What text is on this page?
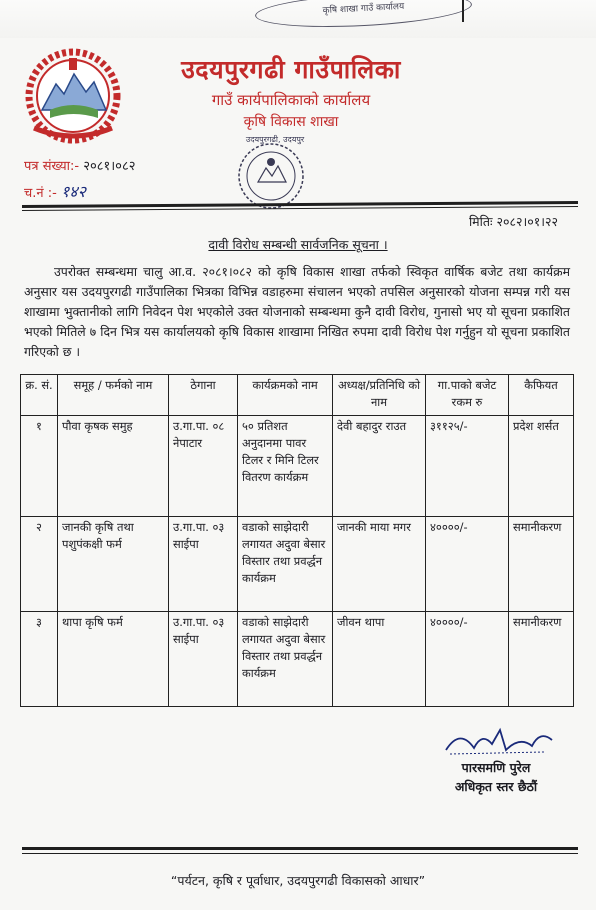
कृषि शाखा गाउँ कार्यालय
उदयपुरगढी गाउँपालिका
गाउँ कार्यपालिकाको कार्यालय
कृषि विकास शाखा
उदयपुरगढी, उदयपुर
पत्र संख्या:- २०८१।०८२
च.नं :- १४२
मितिः २०८२।०१।२२
दावी विरोध सम्बन्धी सार्वजनिक सूचना ।

उपरोक्त सम्बन्धमा चालु आ.व. २०८१।०८२ को कृषि विकास शाखा तर्फको स्विकृत वार्षिक बजेट तथा कार्यक्रम अनुसार यस उदयपुरगढी गाउँपालिका भित्रका विभिन्न वडाहरुमा संचालन भएको तपसिल अनुसारको योजना सम्पन्न गरी यस शाखामा भुक्तानीको लागि निवेदन पेश भएकोले उक्त योजनाको सम्बन्धमा कुनै दावी विरोध, गुनासो भए यो सूचना प्रकाशित भएको मितिले ७ दिन भित्र यस कार्यालयको कृषि विकास शाखामा निखित रुपमा दावी विरोध पेश गर्नुहुन यो सूचना प्रकाशित गरिएको छ ।

क्र. सं.	समूह / फर्मको नाम	ठेगाना	कार्यक्रमको नाम	अध्यक्ष/प्रतिनिधि को नाम	गा.पाको बजेट रकम रु	कैफियत
१	पौवा कृषक समुह	उ.गा.पा. ०८ नेपाटार	५० प्रतिशत अनुदानमा पावर टिलर र मिनि टिलर वितरण कार्यक्रम	देवी बहादुर राउत	३११२५/-	प्रदेश शर्सत
२	जानकी कृषि तथा पशुपंकक्षी फर्म	उ.गा.पा. ०३ साईपा	वडाको साझेदारी लगायत अदुवा बेसार विस्तार तथा प्रवर्द्धन कार्यक्रम	जानकी माया मगर	४००००/-	समानीकरण
३	थापा कृषि फर्म	उ.गा.पा. ०३ साईपा	वडाको साझेदारी लगायत अदुवा बेसार विस्तार तथा प्रवर्द्धन कार्यक्रम	जीवन थापा	४००००/-	समानीकरण
पारसमणि पुरेल
अधिकृत स्तर छैठौं
“पर्यटन, कृषि र पूर्वाधार, उदयपुरगढी विकासको आधार”
